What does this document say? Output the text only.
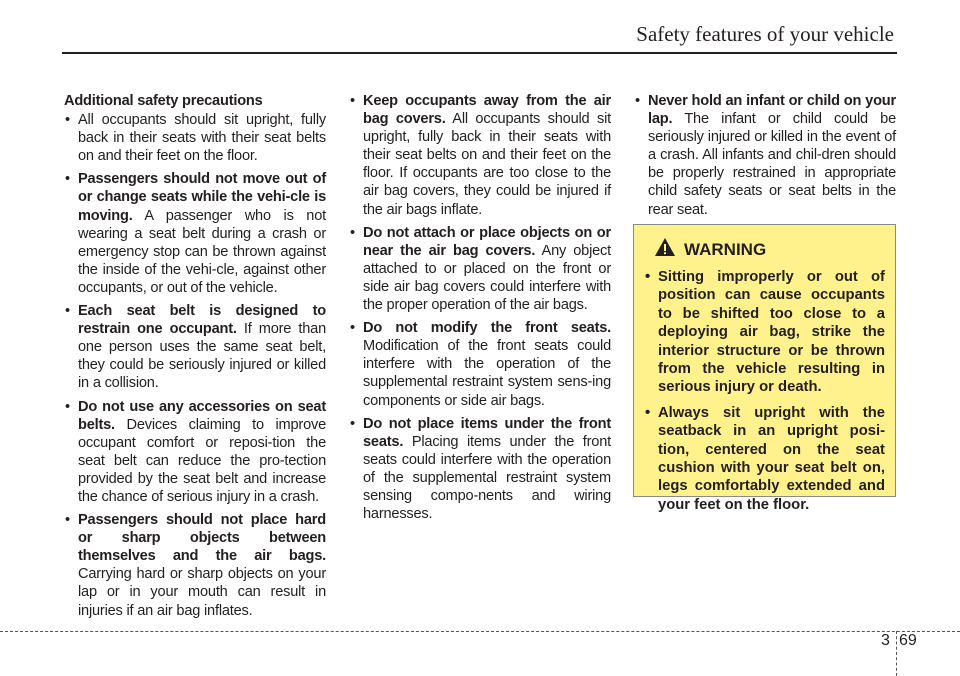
Safety features of your vehicle
Additional safety precautions
• All occupants should sit upright, fully back in their seats with their seat belts on and their feet on the floor.
• Passengers should not move out of or change seats while the vehi-cle is moving. A passenger who is not wearing a seat belt during a crash or emergency stop can be thrown against the inside of the vehi-cle, against other occupants, or out of the vehicle.
• Each seat belt is designed to restrain one occupant. If more than one person uses the same seat belt, they could be seriously injured or killed in a collision.
• Do not use any accessories on seat belts. Devices claiming to improve occupant comfort or reposi-tion the seat belt can reduce the pro-tection provided by the seat belt and increase the chance of serious injury in a crash.
• Passengers should not place hard or sharp objects between themselves and the air bags. Carrying hard or sharp objects on your lap or in your mouth can result in injuries if an air bag inflates.
• Keep occupants away from the air bag covers. All occupants should sit upright, fully back in their seats with their seat belts on and their feet on the floor. If occupants are too close to the air bag covers, they could be injured if the air bags inflate.
• Do not attach or place objects on or near the air bag covers. Any object attached to or placed on the front or side air bag covers could interfere with the proper operation of the air bags.
• Do not modify the front seats. Modification of the front seats could interfere with the operation of the supplemental restraint system sens-ing components or side air bags.
• Do not place items under the front seats. Placing items under the front seats could interfere with the operation of the supplemental restraint system sensing compo-nents and wiring harnesses.
• Never hold an infant or child on your lap. The infant or child could be seriously injured or killed in the event of a crash. All infants and chil-dren should be properly restrained in appropriate child safety seats or seat belts in the rear seat.
WARNING
• Sitting improperly or out of position can cause occupants to be shifted too close to a deploying air bag, strike the interior structure or be thrown from the vehicle resulting in serious injury or death.
• Always sit upright with the seatback in an upright posi-tion, centered on the seat cushion with your seat belt on, legs comfortably extended and your feet on the floor.
3 69
